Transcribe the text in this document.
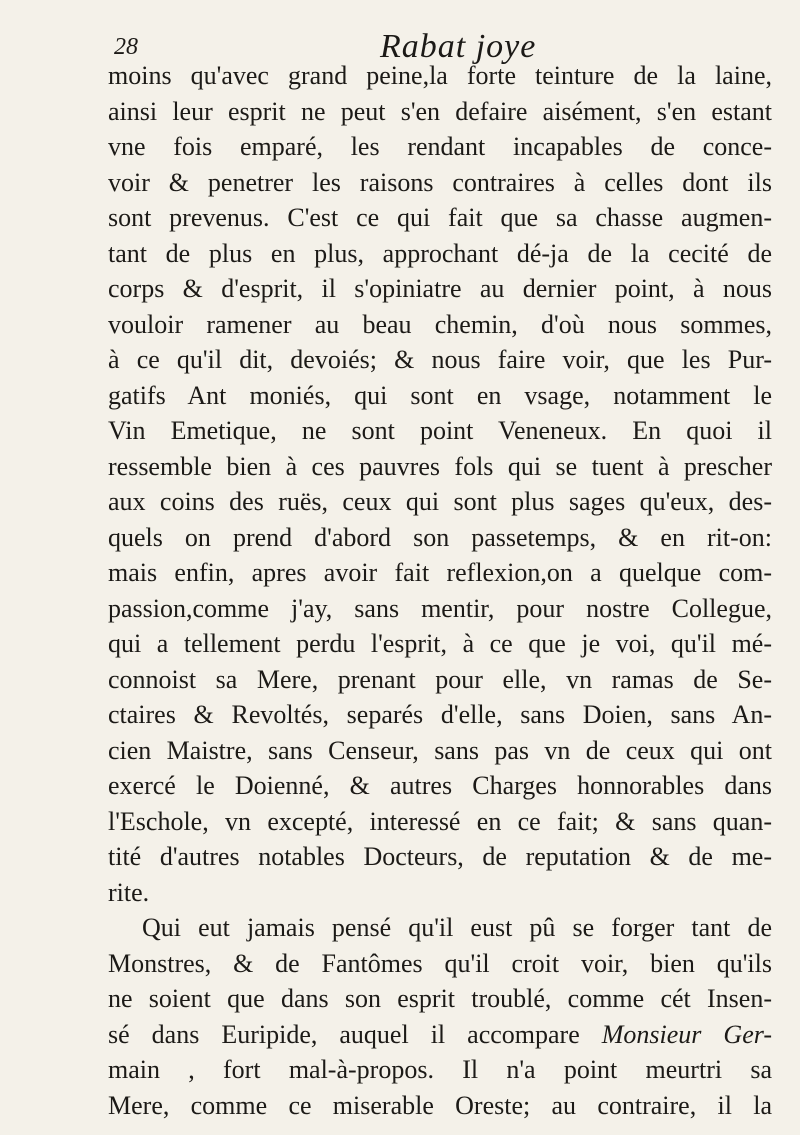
28	Rabat joye
moins qu'avec grand peine,la forte teinture de la laine,
ainsi leur esprit ne peut s'en defaire aisément, s'en estant
vne fois emparé, les rendant incapables de conce-
voir & penetrer les raisons contraires à celles dont ils
sont prevenus. C'est ce qui fait que sa chasse augmen-
tant de plus en plus, approchant dé-ja de la cecité de
corps & d'esprit, il s'opiniatre au dernier point, à nous
vouloir ramener au beau chemin, d'où nous sommes,
à ce qu'il dit, devoiés; & nous faire voir, que les Pur-
gatifs Ant moniés, qui sont en vsage, notamment le
Vin Emetique, ne sont point Veneneux. En quoi il
ressemble bien à ces pauvres fols qui se tuent à prescher
aux coins des ruës, ceux qui sont plus sages qu'eux, des-
quels on prend d'abord son passetemps, & en rit-on:
mais enfin, apres avoir fait reflexion,on a quelque com-
passion,comme j'ay, sans mentir, pour nostre Collegue,
qui a tellement perdu l'esprit, à ce que je voi, qu'il mé-
connoist sa Mere, prenant pour elle, vn ramas de Se-
ctaires & Revoltés, separés d'elle, sans Doien, sans An-
cien Maistre, sans Censeur, sans pas vn de ceux qui ont
exercé le Doienné, & autres Charges honnorables dans
l'Eschole, vn excepté, interessé en ce fait; & sans quan-
tité d'autres notables Docteurs, de reputation & de me-
rite.
Qui eut jamais pensé qu'il eust pû se forger tant de
Monstres, & de Fantômes qu'il croit voir, bien qu'ils
ne soient que dans son esprit troublé, comme cét Insen-
sé dans Euripide, auquel il accompare Monsieur Ger-
main , fort mal-à-propos. Il n'a point meurtri sa
Mere, comme ce miserable Oreste; au contraire, il la
